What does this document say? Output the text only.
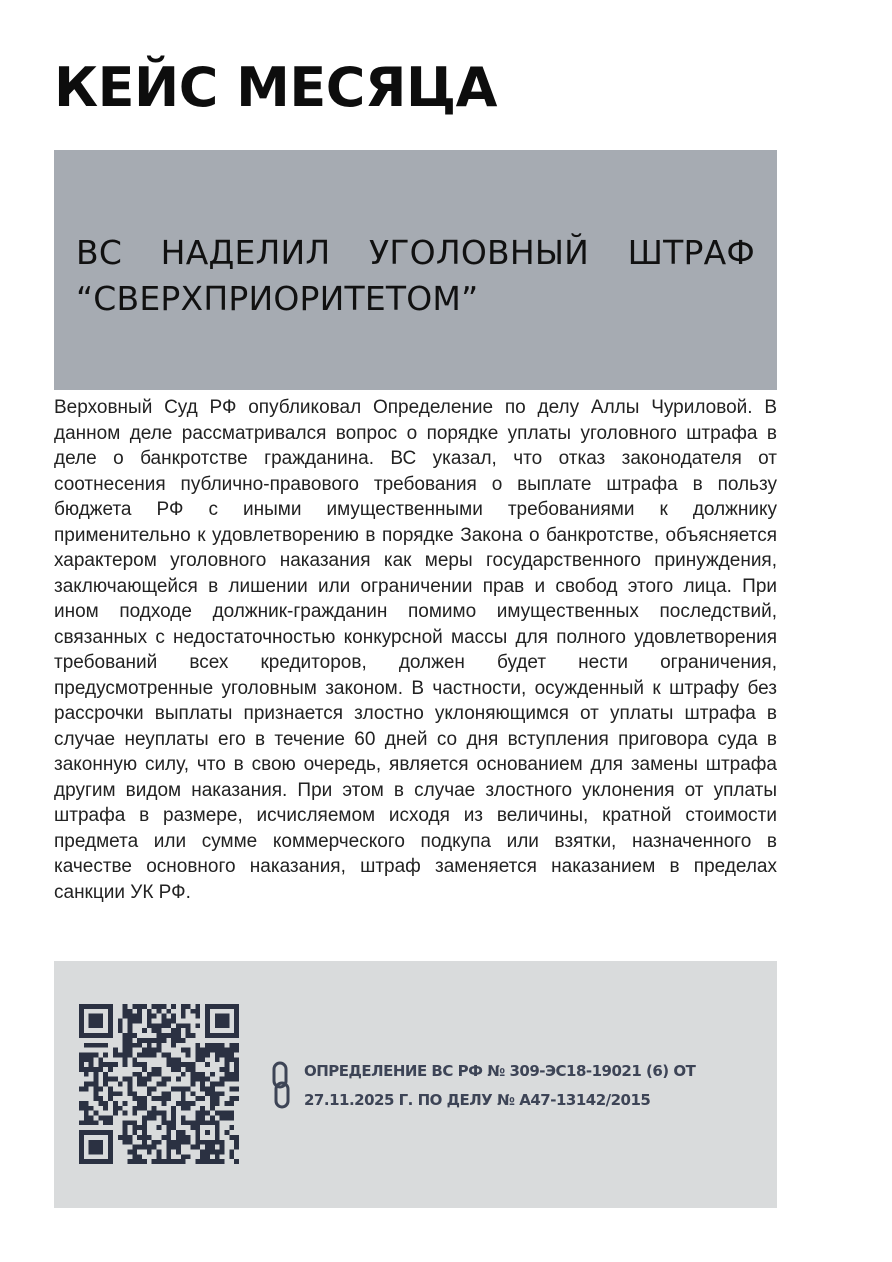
КЕЙС МЕСЯЦА
ВС НАДЕЛИЛ УГОЛОВНЫЙ ШТРАФ “СВЕРХПРИОРИТЕТОМ”

Верховный Суд РФ опубликовал Определение по делу Аллы Чуриловой. В данном деле рассматривался вопрос о порядке уплаты уголовного штрафа в деле о банкротстве гражданина. ВС указал, что отказ законодателя от соотнесения публично-правового требования о выплате штрафа в пользу бюджета РФ с иными имущественными требованиями к должнику применительно к удовлетворению в порядке Закона о банкротстве, объясняется характером уголовного наказания как меры государственного принуждения, заключающейся в лишении или ограничении прав и свобод этого лица. При ином подходе должник-гражданин помимо имущественных последствий, связанных с недостаточностью конкурсной массы для полного удовлетворения требований всех кредиторов, должен будет нести ограничения, предусмотренные уголовным законом. В частности, осужденный к штрафу без рассрочки выплаты признается злостно уклоняющимся от уплаты штрафа в случае неуплаты его в течение 60 дней со дня вступления приговора суда в законную силу, что в свою очередь, является основанием для замены штрафа другим видом наказания. При этом в случае злостного уклонения от уплаты штрафа в размере, исчисляемом исходя из величины, кратной стоимости предмета или сумме коммерческого подкупа или взятки, назначенного в качестве основного наказания, штраф заменяется наказанием в пределах санкции УК РФ.

ОПРЕДЕЛЕНИЕ ВС РФ № 309-ЭС18-19021 (6) ОТ 27.11.2025 Г. ПО ДЕЛУ № А47-13142/2015
